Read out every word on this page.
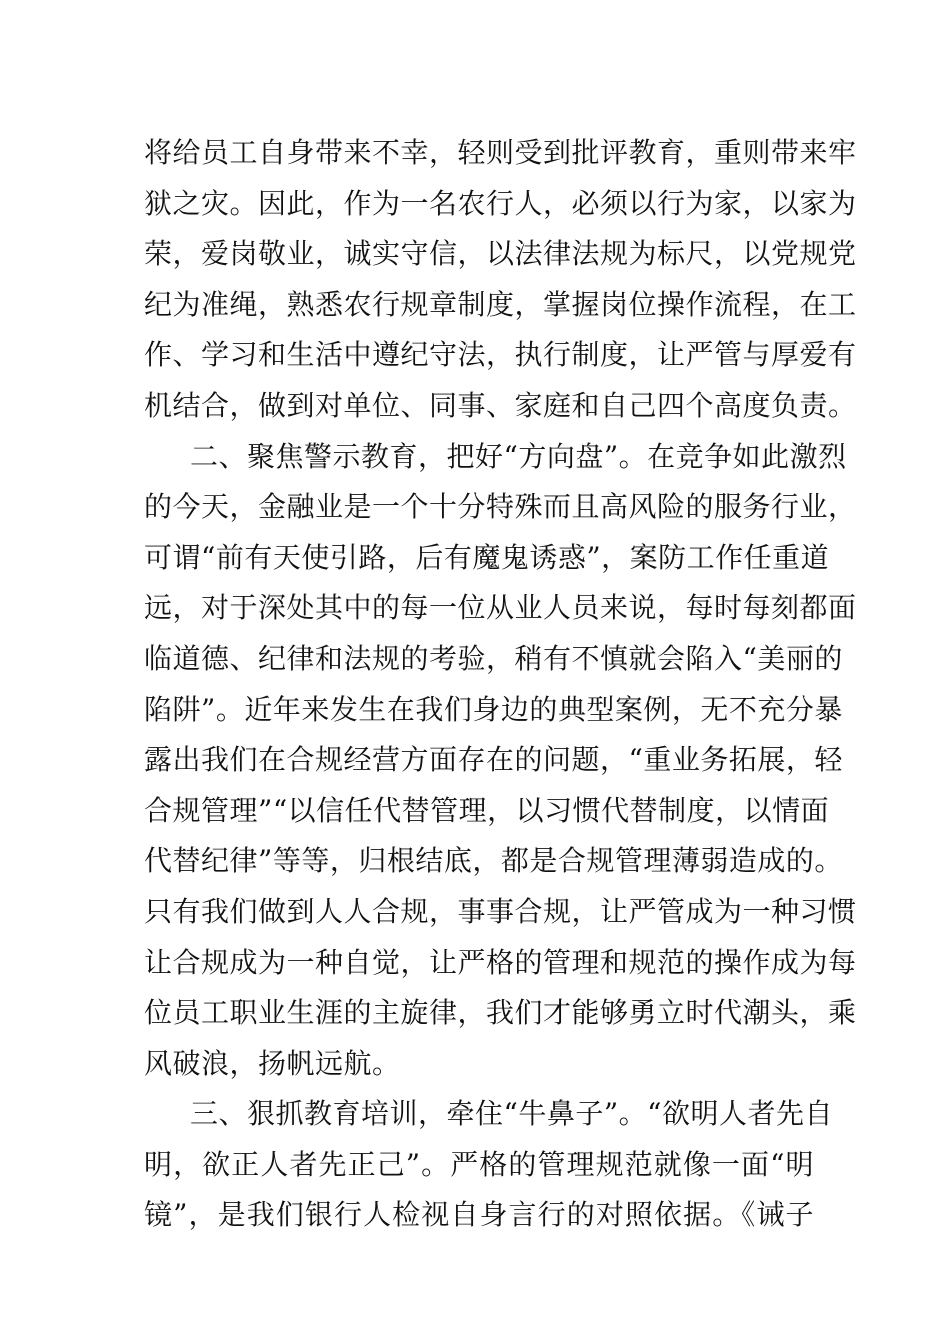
将给员工自身带来不幸，轻则受到批评教育，重则带来牢
狱之灾。因此，作为一名农行人，必须以行为家，以家为
荣，爱岗敬业，诚实守信，以法律法规为标尺，以党规党
纪为准绳，熟悉农行规章制度，掌握岗位操作流程，在工
作、学习和生活中遵纪守法，执行制度，让严管与厚爱有
机结合，做到对单位、同事、家庭和自己四个高度负责。
二、聚焦警示教育，把好“方向盘”。在竞争如此激烈
的今天，金融业是一个十分特殊而且高风险的服务行业，
可谓“前有天使引路，后有魔鬼诱惑”，案防工作任重道
远，对于深处其中的每一位从业人员来说，每时每刻都面
临道德、纪律和法规的考验，稍有不慎就会陷入“美丽的
陷阱”。近年来发生在我们身边的典型案例，无不充分暴
露出我们在合规经营方面存在的问题，“重业务拓展，轻
合规管理”“以信任代替管理，以习惯代替制度，以情面
代替纪律”等等，归根结底，都是合规管理薄弱造成的。
只有我们做到人人合规，事事合规，让严管成为一种习惯
让合规成为一种自觉，让严格的管理和规范的操作成为每
位员工职业生涯的主旋律，我们才能够勇立时代潮头，乘
风破浪，扬帆远航。
三、狠抓教育培训，牵住“牛鼻子”。“欲明人者先自
明，欲正人者先正己”。严格的管理规范就像一面“明
镜”，是我们银行人检视自身言行的对照依据。《诫子
